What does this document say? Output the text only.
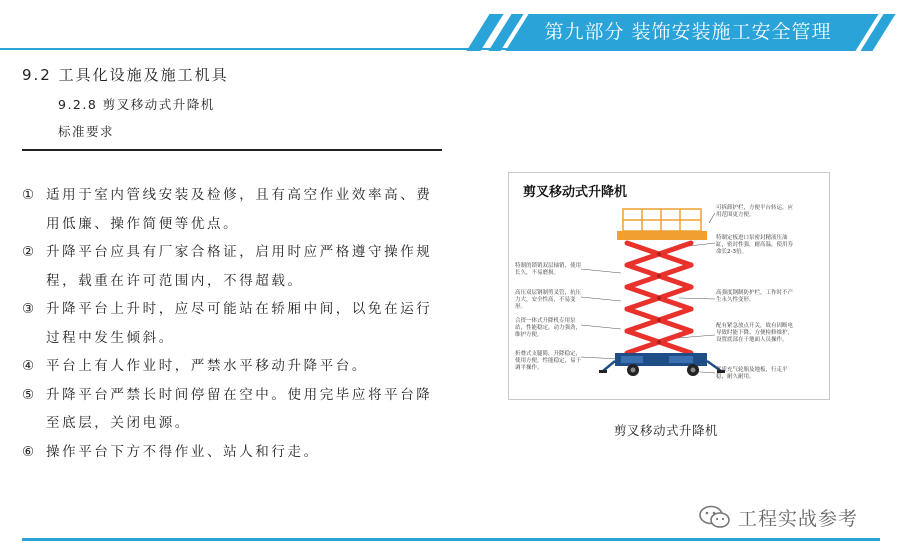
第九部分 装饰安装施工安全管理
9.2 工具化设施及施工机具
9.2.8 剪叉移动式升降机
标准要求
① 适用于室内管线安装及检修，且有高空作业效率高、费用低廉、操作简便等优点。
② 升降平台应具有厂家合格证，启用时应严格遵守操作规程，载重在许可范围内，不得超载。
③ 升降平台上升时，应尽可能站在轿厢中间，以免在运行过程中发生倾斜。
④ 平台上有人作业时，严禁水平移动升降平台。
⑤ 升降平台严禁长时间停留在空中。使用完毕应将平台降至底层，关闭电源。
⑥ 操作平台下方不得作业、站人和行走。
剪叉移动式升降机
可拆卸护栏，方便平台转运，应用范围更方便。
特制定板进口泵密封精液压油缸，密封性强，耐高温，使用寿命长2-3倍。
高强度钢制防护栏，工作时不产生永久性变形。
配有紧急放点开关，故有因断电导致时能下降。方便检修维护，设置底部在于地面人员操作。
优质充气轮胎及地板，行走平稳，耐久耐用。
特制的锁销双层轴销，使用长久，不易磨损。
高压双层钢制剪叉管，抗压力大，安全性高，不易变形。
合资一体式升降机专用泵站，性能稳定，动力强劲，维护方便。
折叠式支腿简，升降稳定，使用方便，性能稳定，易于调平操作。
剪叉移动式升降机
工程实战参考
